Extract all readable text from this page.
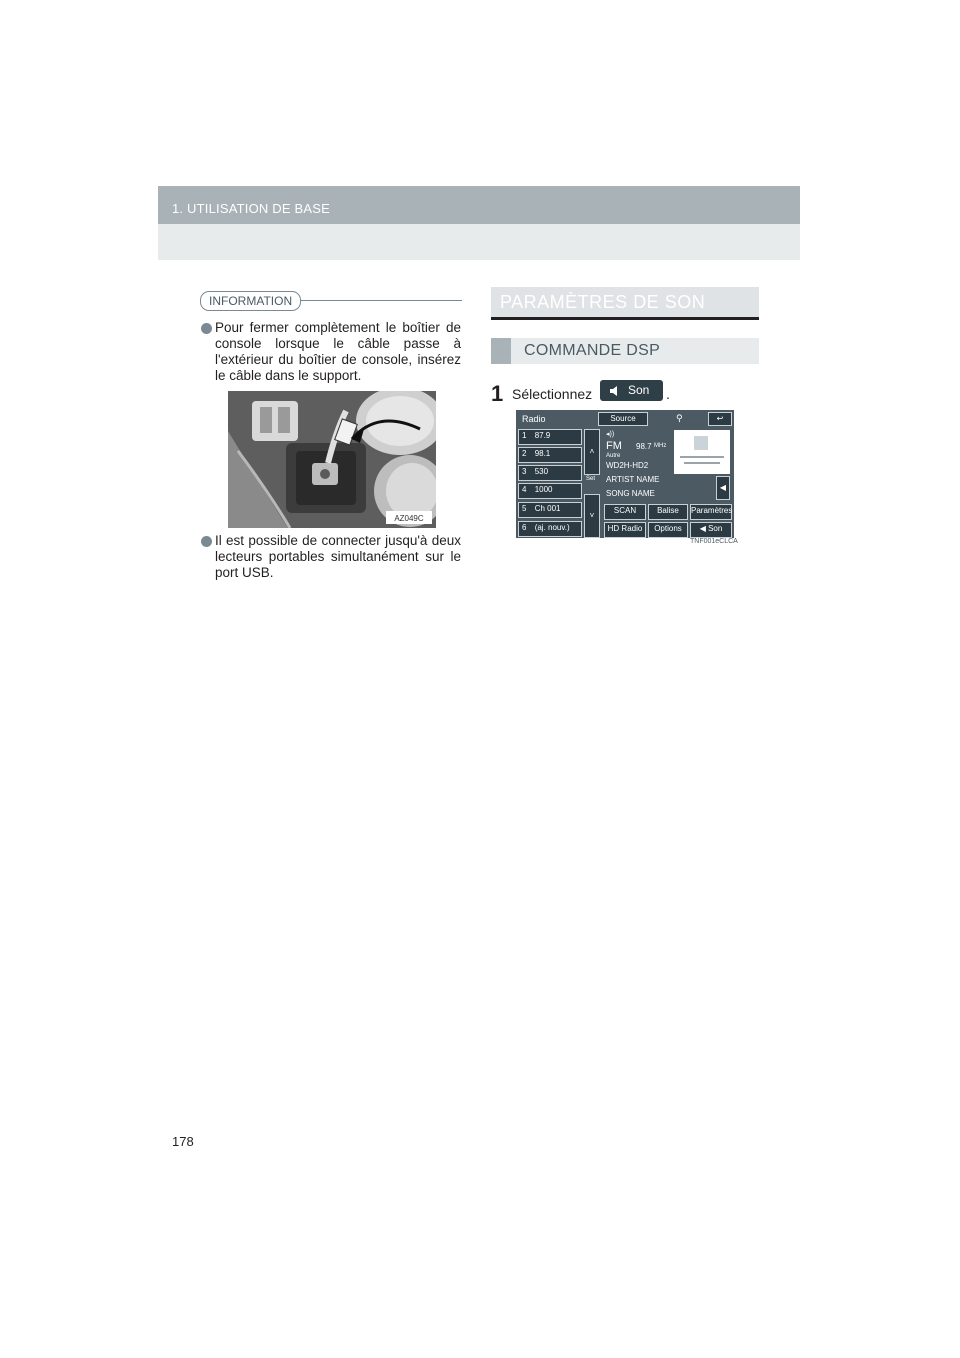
1. UTILISATION DE BASE
INFORMATION
Pour fermer complètement le boîtier de console lorsque le câble passe à l'extérieur du boîtier de console, insérez le câble dans le support.
AZ049C
Il est possible de connecter jusqu'à deux lecteurs portables simultanément sur le port USB.
PARAMÈTRES DE SON
COMMANDE DSP
1 Sélectionnez	Son .
Radio	Source	⚲	↩
1 87.9
2 98.1
3 530
4 1000
5 Ch 001
6 (aj. nouv.)
˄
Set
˅
◂))
FM 98.7 MHz
Autre
WD2H-HD2
ARTIST NAME
SONG NAME
◀
SCAN	Balise	Paramètres
HD Radio	Options	◀ Son
TNF001eCLCA
178
